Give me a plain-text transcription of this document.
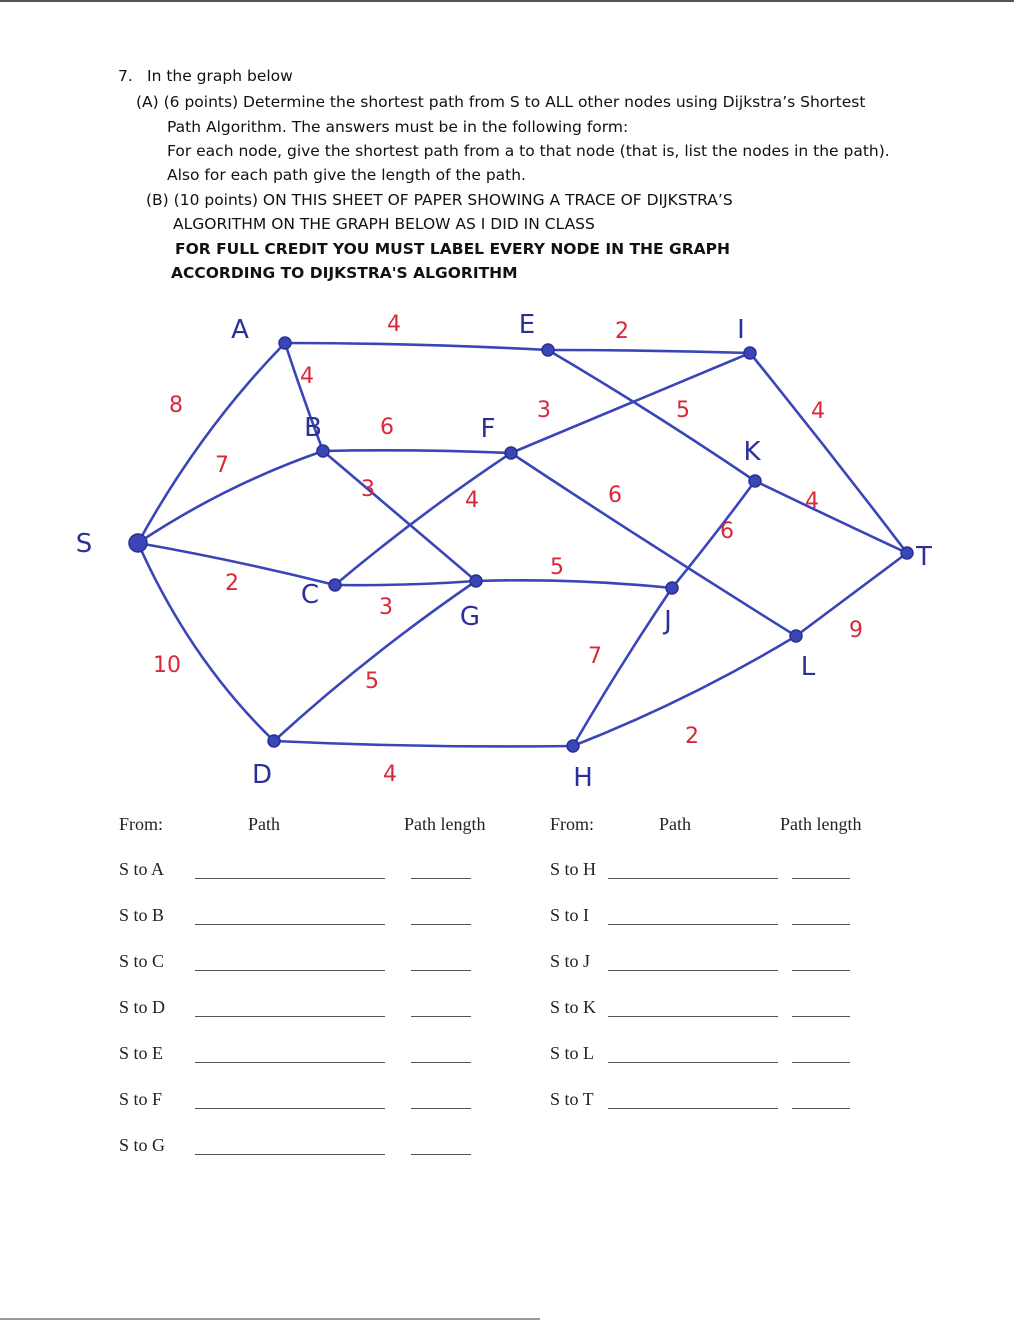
7. In the graph below
(A) (6 points) Determine the shortest path from S to ALL other nodes using Dijkstra’s Shortest
Path Algorithm. The answers must be in the following form:
For each node, give the shortest path from a to that node (that is, list the nodes in the path).
Also for each path give the length of the path.
(B) (10 points) ON THIS SHEET OF PAPER SHOWING A TRACE OF DIJKSTRA’S
ALGORITHM ON THE GRAPH BELOW AS I DID IN CLASS
FOR FULL CREDIT YOU MUST LABEL EVERY NODE IN THE GRAPH
ACCORDING TO DIJKSTRA'S ALGORITHM
8
7
2
10
4
4
6
3	4
3
5
4
2
5
3
6
5
7
2
6
4
4
9
S
A
B
C
D
E
F
G
H
I
J
K
L
T
From:	Path	Path length	From:	Path	Path length
S to A
S to B
S to C
S to D
S to E
S to F
S to G
S to H
S to I
S to J
S to K
S to L
S to T
